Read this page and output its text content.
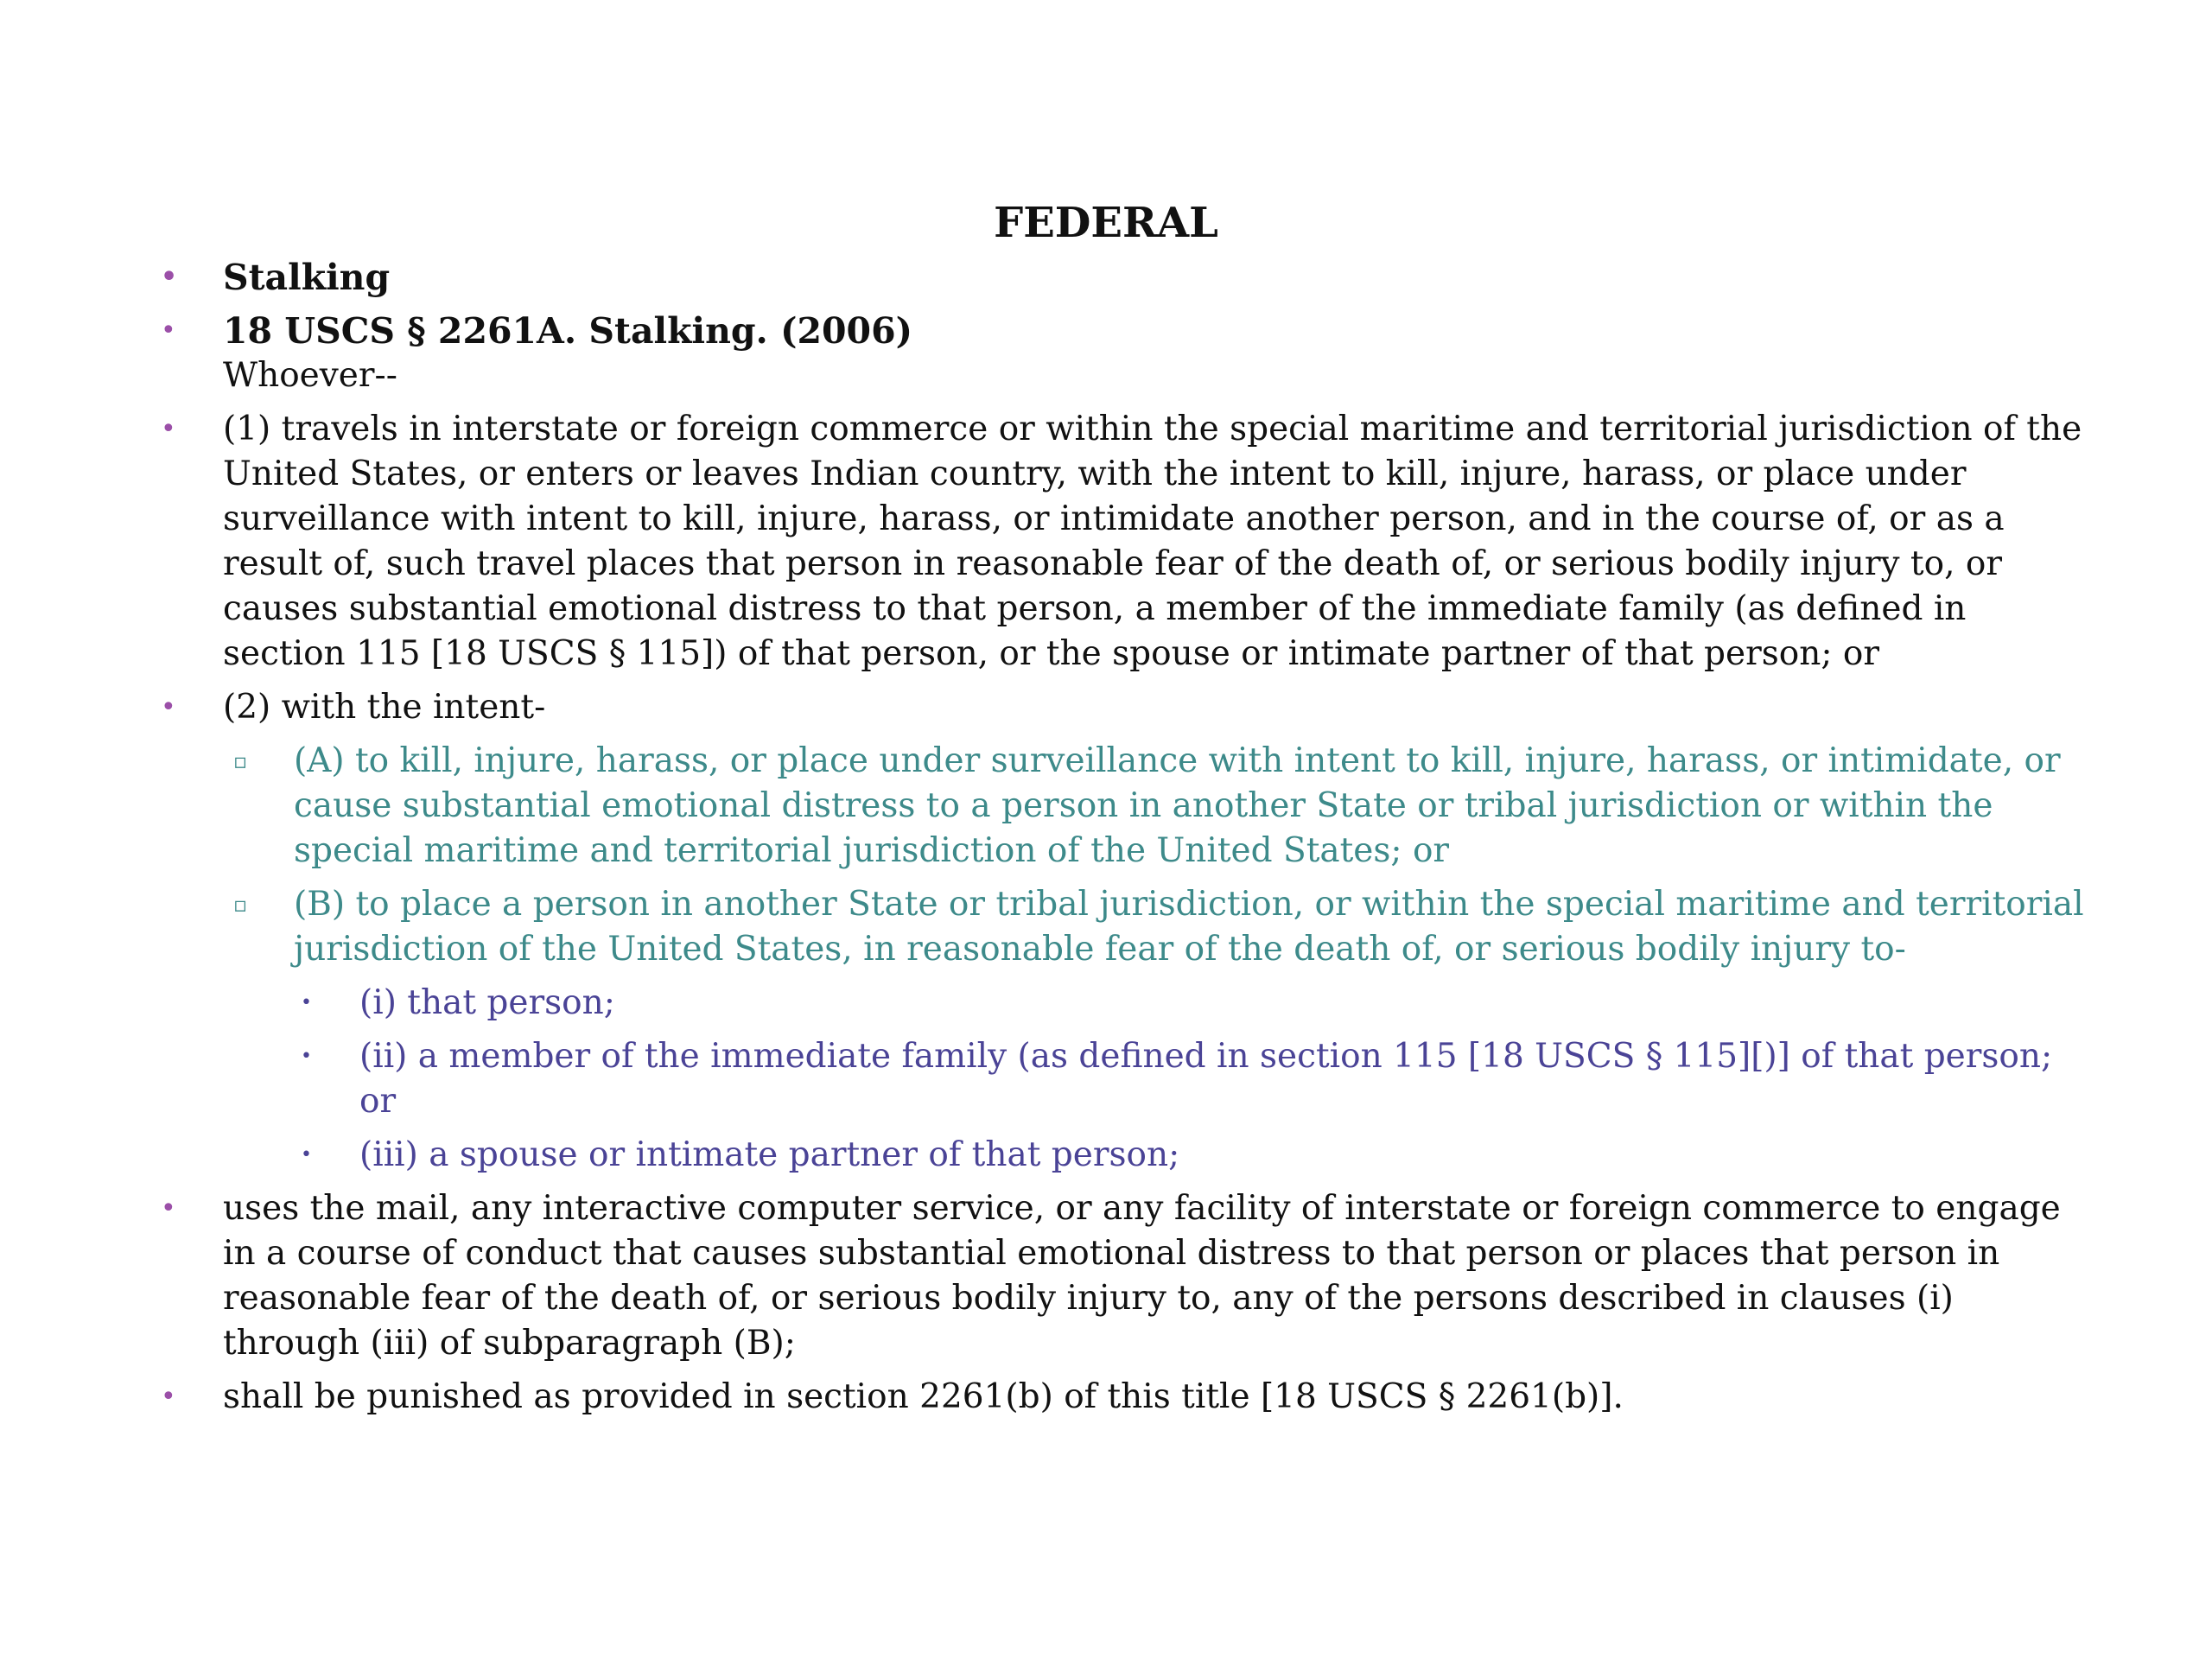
FEDERAL
• Stalking
• 18 USCS § 2261A. Stalking. (2006)
Whoever--
• (1) travels in interstate or foreign commerce or within the special maritime and territorial jurisdiction of the United States, or enters or leaves Indian country, with the intent to kill, injure, harass, or place under surveillance with intent to kill, injure, harass, or intimidate another person, and in the course of, or as a result of, such travel places that person in reasonable fear of the death of, or serious bodily injury to, or causes substantial emotional distress to that person, a member of the immediate family (as defined in section 115 [18 USCS § 115]) of that person, or the spouse or intimate partner of that person; or
• (2) with the intent-
▫ (A) to kill, injure, harass, or place under surveillance with intent to kill, injure, harass, or intimidate, or cause substantial emotional distress to a person in another State or tribal jurisdiction or within the special maritime and territorial jurisdiction of the United States; or
▫ (B) to place a person in another State or tribal jurisdiction, or within the special maritime and territorial jurisdiction of the United States, in reasonable fear of the death of, or serious bodily injury to-
• (i) that person;
• (ii) a member of the immediate family (as defined in section 115 [18 USCS § 115][)] of that person; or
• (iii) a spouse or intimate partner of that person;
• uses the mail, any interactive computer service, or any facility of interstate or foreign commerce to engage in a course of conduct that causes substantial emotional distress to that person or places that person in reasonable fear of the death of, or serious bodily injury to, any of the persons described in clauses (i) through (iii) of subparagraph (B);
• shall be punished as provided in section 2261(b) of this title [18 USCS § 2261(b)].
